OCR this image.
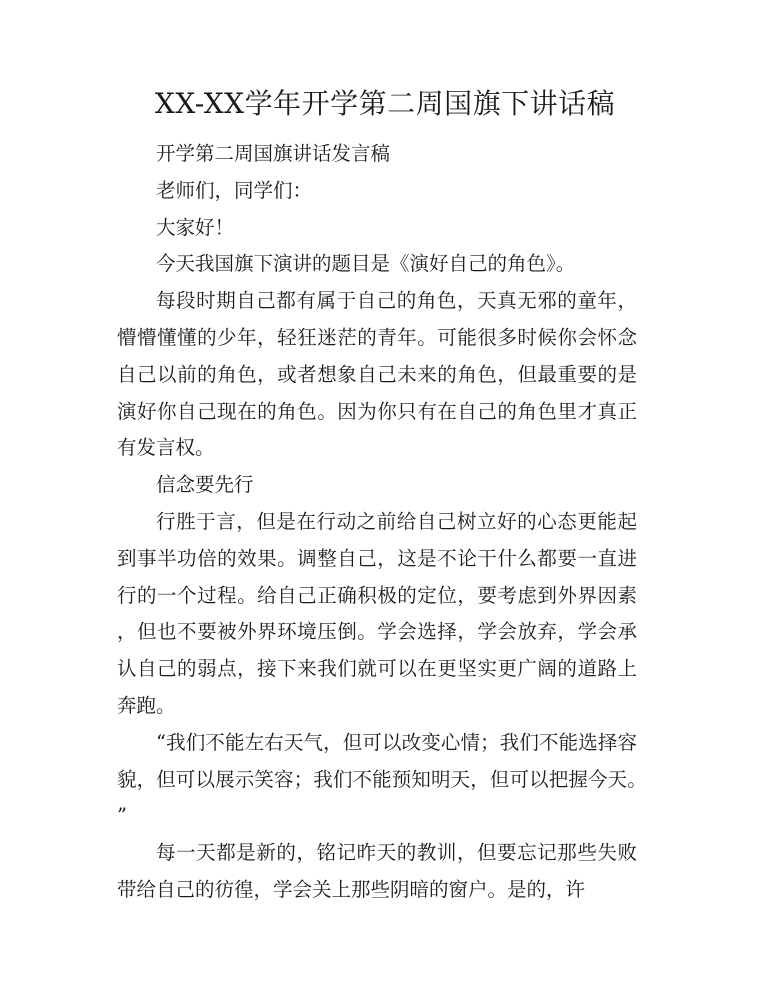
XX-XX学年开学第二周国旗下讲话稿

开学第二周国旗讲话发言稿

老师们，同学们：

大家好！

今天我国旗下演讲的题目是《演好自己的角色》。

每段时期自己都有属于自己的角色，天真无邪的童年，懵懵懂懂的少年，轻狂迷茫的青年。可能很多时候你会怀念自己以前的角色，或者想象自己未来的角色，但最重要的是演好你自己现在的角色。因为你只有在自己的角色里才真正有发言权。

信念要先行

行胜于言，但是在行动之前给自己树立好的心态更能起到事半功倍的效果。调整自己，这是不论干什么都要一直进行的一个过程。给自己正确积极的定位，要考虑到外界因素，但也不要被外界环境压倒。学会选择，学会放弃，学会承认自己的弱点，接下来我们就可以在更坚实更广阔的道路上奔跑。

“我们不能左右天气，但可以改变心情；我们不能选择容貌，但可以展示笑容；我们不能预知明天，但可以把握今天。”

每一天都是新的，铭记昨天的教训，但要忘记那些失败带给自己的彷徨，学会关上那些阴暗的窗户。是的，许
